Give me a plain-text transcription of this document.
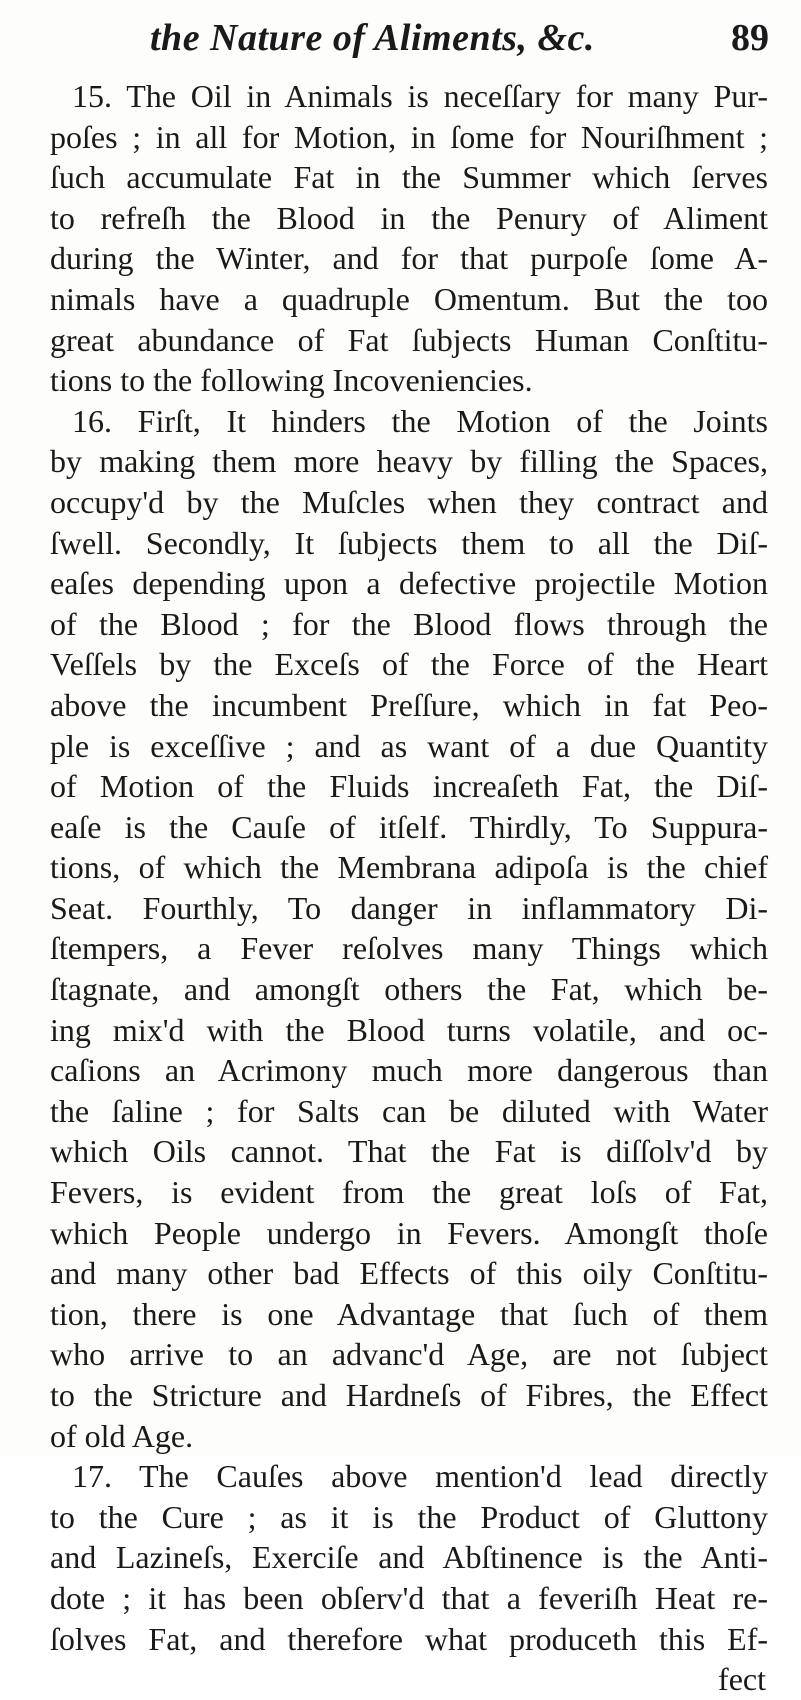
the Nature of Aliments, &c.	89
15. The Oil in Animals is neceſſary for many Pur-
poſes ; in all for Motion, in ſome for Nouriſhment ;
ſuch accumulate Fat in the Summer which ſerves
to refreſh the Blood in the Penury of Aliment
during the Winter, and for that purpoſe ſome A-
nimals have a quadruple Omentum. But the too
great abundance of Fat ſubjects Human Conſtitu-
tions to the following Incoveniencies.
16. Firſt, It hinders the Motion of the Joints
by making them more heavy by filling the Spaces,
occupy'd by the Muſcles when they contract and
ſwell. Secondly, It ſubjects them to all the Diſ-
eaſes depending upon a defective projectile Motion
of the Blood ; for the Blood flows through the
Veſſels by the Exceſs of the Force of the Heart
above the incumbent Preſſure, which in fat Peo-
ple is exceſſive ; and as want of a due Quantity
of Motion of the Fluids increaſeth Fat, the Diſ-
eaſe is the Cauſe of itſelf. Thirdly, To Suppura-
tions, of which the Membrana adipoſa is the chief
Seat. Fourthly, To danger in inflammatory Di-
ſtempers, a Fever reſolves many Things which
ſtagnate, and amongſt others the Fat, which be-
ing mix'd with the Blood turns volatile, and oc-
caſions an Acrimony much more dangerous than
the ſaline ; for Salts can be diluted with Water
which Oils cannot. That the Fat is diſſolv'd by
Fevers, is evident from the great loſs of Fat,
which People undergo in Fevers. Amongſt thoſe
and many other bad Effects of this oily Conſtitu-
tion, there is one Advantage that ſuch of them
who arrive to an advanc'd Age, are not ſubject
to the Stricture and Hardneſs of Fibres, the Effect
of old Age.
17. The Cauſes above mention'd lead directly
to the Cure ; as it is the Product of Gluttony
and Lazineſs, Exerciſe and Abſtinence is the Anti-
dote ; it has been obſerv'd that a feveriſh Heat re-
ſolves Fat, and therefore what produceth this Ef-
fect
